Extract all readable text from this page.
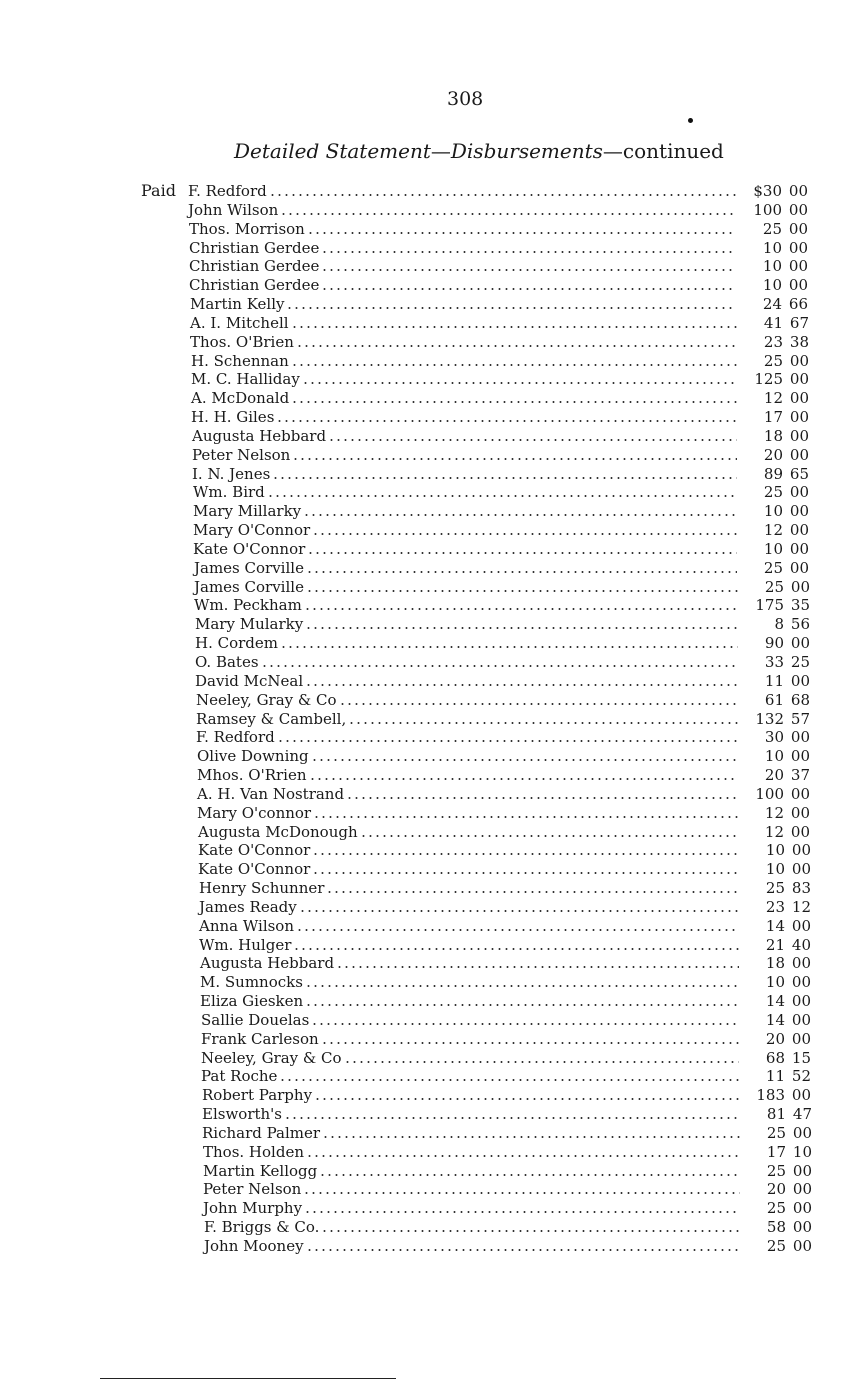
308
Detailed Statement—Disbursements—continued
Paid F. Redford	$30 00
John Wilson	100 00
Thos. Morrison	25 00
Christian Gerdee	10 00
Christian Gerdee	10 00
Christian Gerdee	10 00
Martin Kelly	24 66
A. I. Mitchell	41 67
Thos. O'Brien	23 38
H. Schennan	25 00
M. C. Halliday	125 00
A. McDonald	12 00
H. H. Giles	17 00
Augusta Hebbard	18 00
Peter Nelson	20 00
I. N. Jenes	89 65
Wm. Bird	25 00
Mary Millarky	10 00
Mary O'Connor	12 00
Kate O'Connor	10 00
James Corville	25 00
James Corville	25 00
Wm. Peckham	175 35
Mary Mularky	8 56
H. Cordem	90 00
O. Bates	33 25
David McNeal	11 00
Neeley, Gray & Co	61 68
Ramsey & Cambell,	132 57
F. Redford	30 00
Olive Downing	10 00
Mhos. O'Rrien	20 37
A. H. Van Nostrand	100 00
Mary O'connor	12 00
Augusta McDonough	12 00
Kate O'Connor	10 00
Kate O'Connor	10 00
Henry Schunner	25 83
James Ready	23 12
Anna Wilson	14 00
Wm. Hulger	21 40
Augusta Hebbard	18 00
M. Sumnocks	10 00
Eliza Giesken	14 00
Sallie Douelas	14 00
Frank Carleson	20 00
Neeley, Gray & Co	68 15
Pat Roche	11 52
Robert Parphy	183 00
Elsworth's	81 47
Richard Palmer	25 00
Thos. Holden	17 10
Martin Kellogg	25 00
Peter Nelson	20 00
John Murphy	25 00
F. Briggs & Co.	58 00
John Mooney	25 00
